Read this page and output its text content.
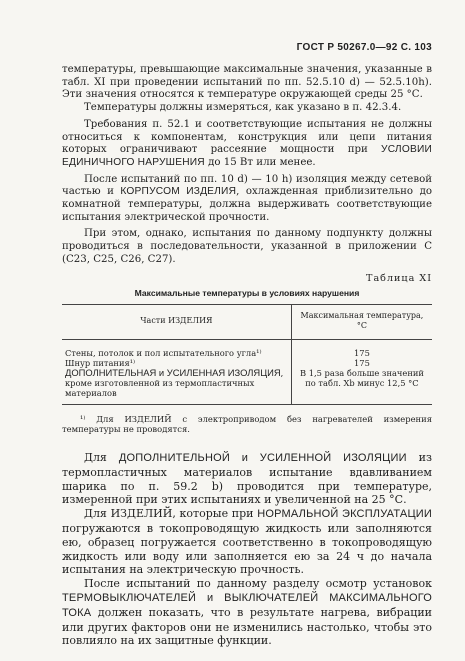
ГОСТ Р 50267.0—92 С. 103

температуры, превышающие максимальные значения, указанные в табл. XI при проведении испытаний по пп. 52.5.10 d) — 52.5.10h). Эти значения относятся к температуре окружающей среды 25 °С.

Температуры должны измеряться, как указано в п. 42.3.4.

Требования п. 52.1 и соответствующие испытания не должны относиться к компонентам, конструкция или цепи питания которых ограничивают рассеяние мощности при УСЛОВИИ ЕДИНИЧНОГО НАРУШЕНИЯ до 15 Вт или менее.

После испытаний по пп. 10 d) — 10 h) изоляция между сетевой частью и КОРПУСОМ ИЗДЕЛИЯ, охлажденная приблизительно до комнатной температуры, должна выдерживать соответствующие испытания электрической прочности.

При этом, однако, испытания по данному подпункту должны проводиться в последовательности, указанной в приложении С (С23, С25, С26, С27).

Таблица XI
Максимальные температуры в условиях нарушения
Части ИЗДЕЛИЯ	Максимальная температура, °С
Стены, потолок и пол испытательного угла¹⁾	175
Шнур питания¹⁾	175
ДОПОЛНИТЕЛЬНАЯ и УСИЛЕННАЯ ИЗОЛЯЦИЯ, кроме изготовленной из термопластичных материалов	В 1,5 раза больше значений по табл. Хb минус 12,5 °С

¹⁾ Для ИЗДЕЛИЙ с электроприводом без нагревателей измерения температуры не проводятся.

Для ДОПОЛНИТЕЛЬНОЙ и УСИЛЕННОЙ ИЗОЛЯЦИИ из термопластичных материалов испытание вдавливанием шарика по п. 59.2 b) проводится при температуре, измеренной при этих испытаниях и увеличенной на 25 °С.

Для ИЗДЕЛИЙ, которые при НОРМАЛЬНОЙ ЭКСПЛУАТАЦИИ погружаются в токопроводящую жидкость или заполняются ею, образец погружается соответственно в токопроводящую жидкость или воду или заполняется ею за 24 ч до начала испытания на электрическую прочность.

После испытаний по данному разделу осмотр установок ТЕРМОВЫКЛЮЧАТЕЛЕЙ и ВЫКЛЮЧАТЕЛЕЙ МАКСИМАЛЬНОГО ТОКА должен показать, что в результате нагрева, вибрации или других факторов они не изменились настолько, чтобы это повлияло на их защитные функции.
